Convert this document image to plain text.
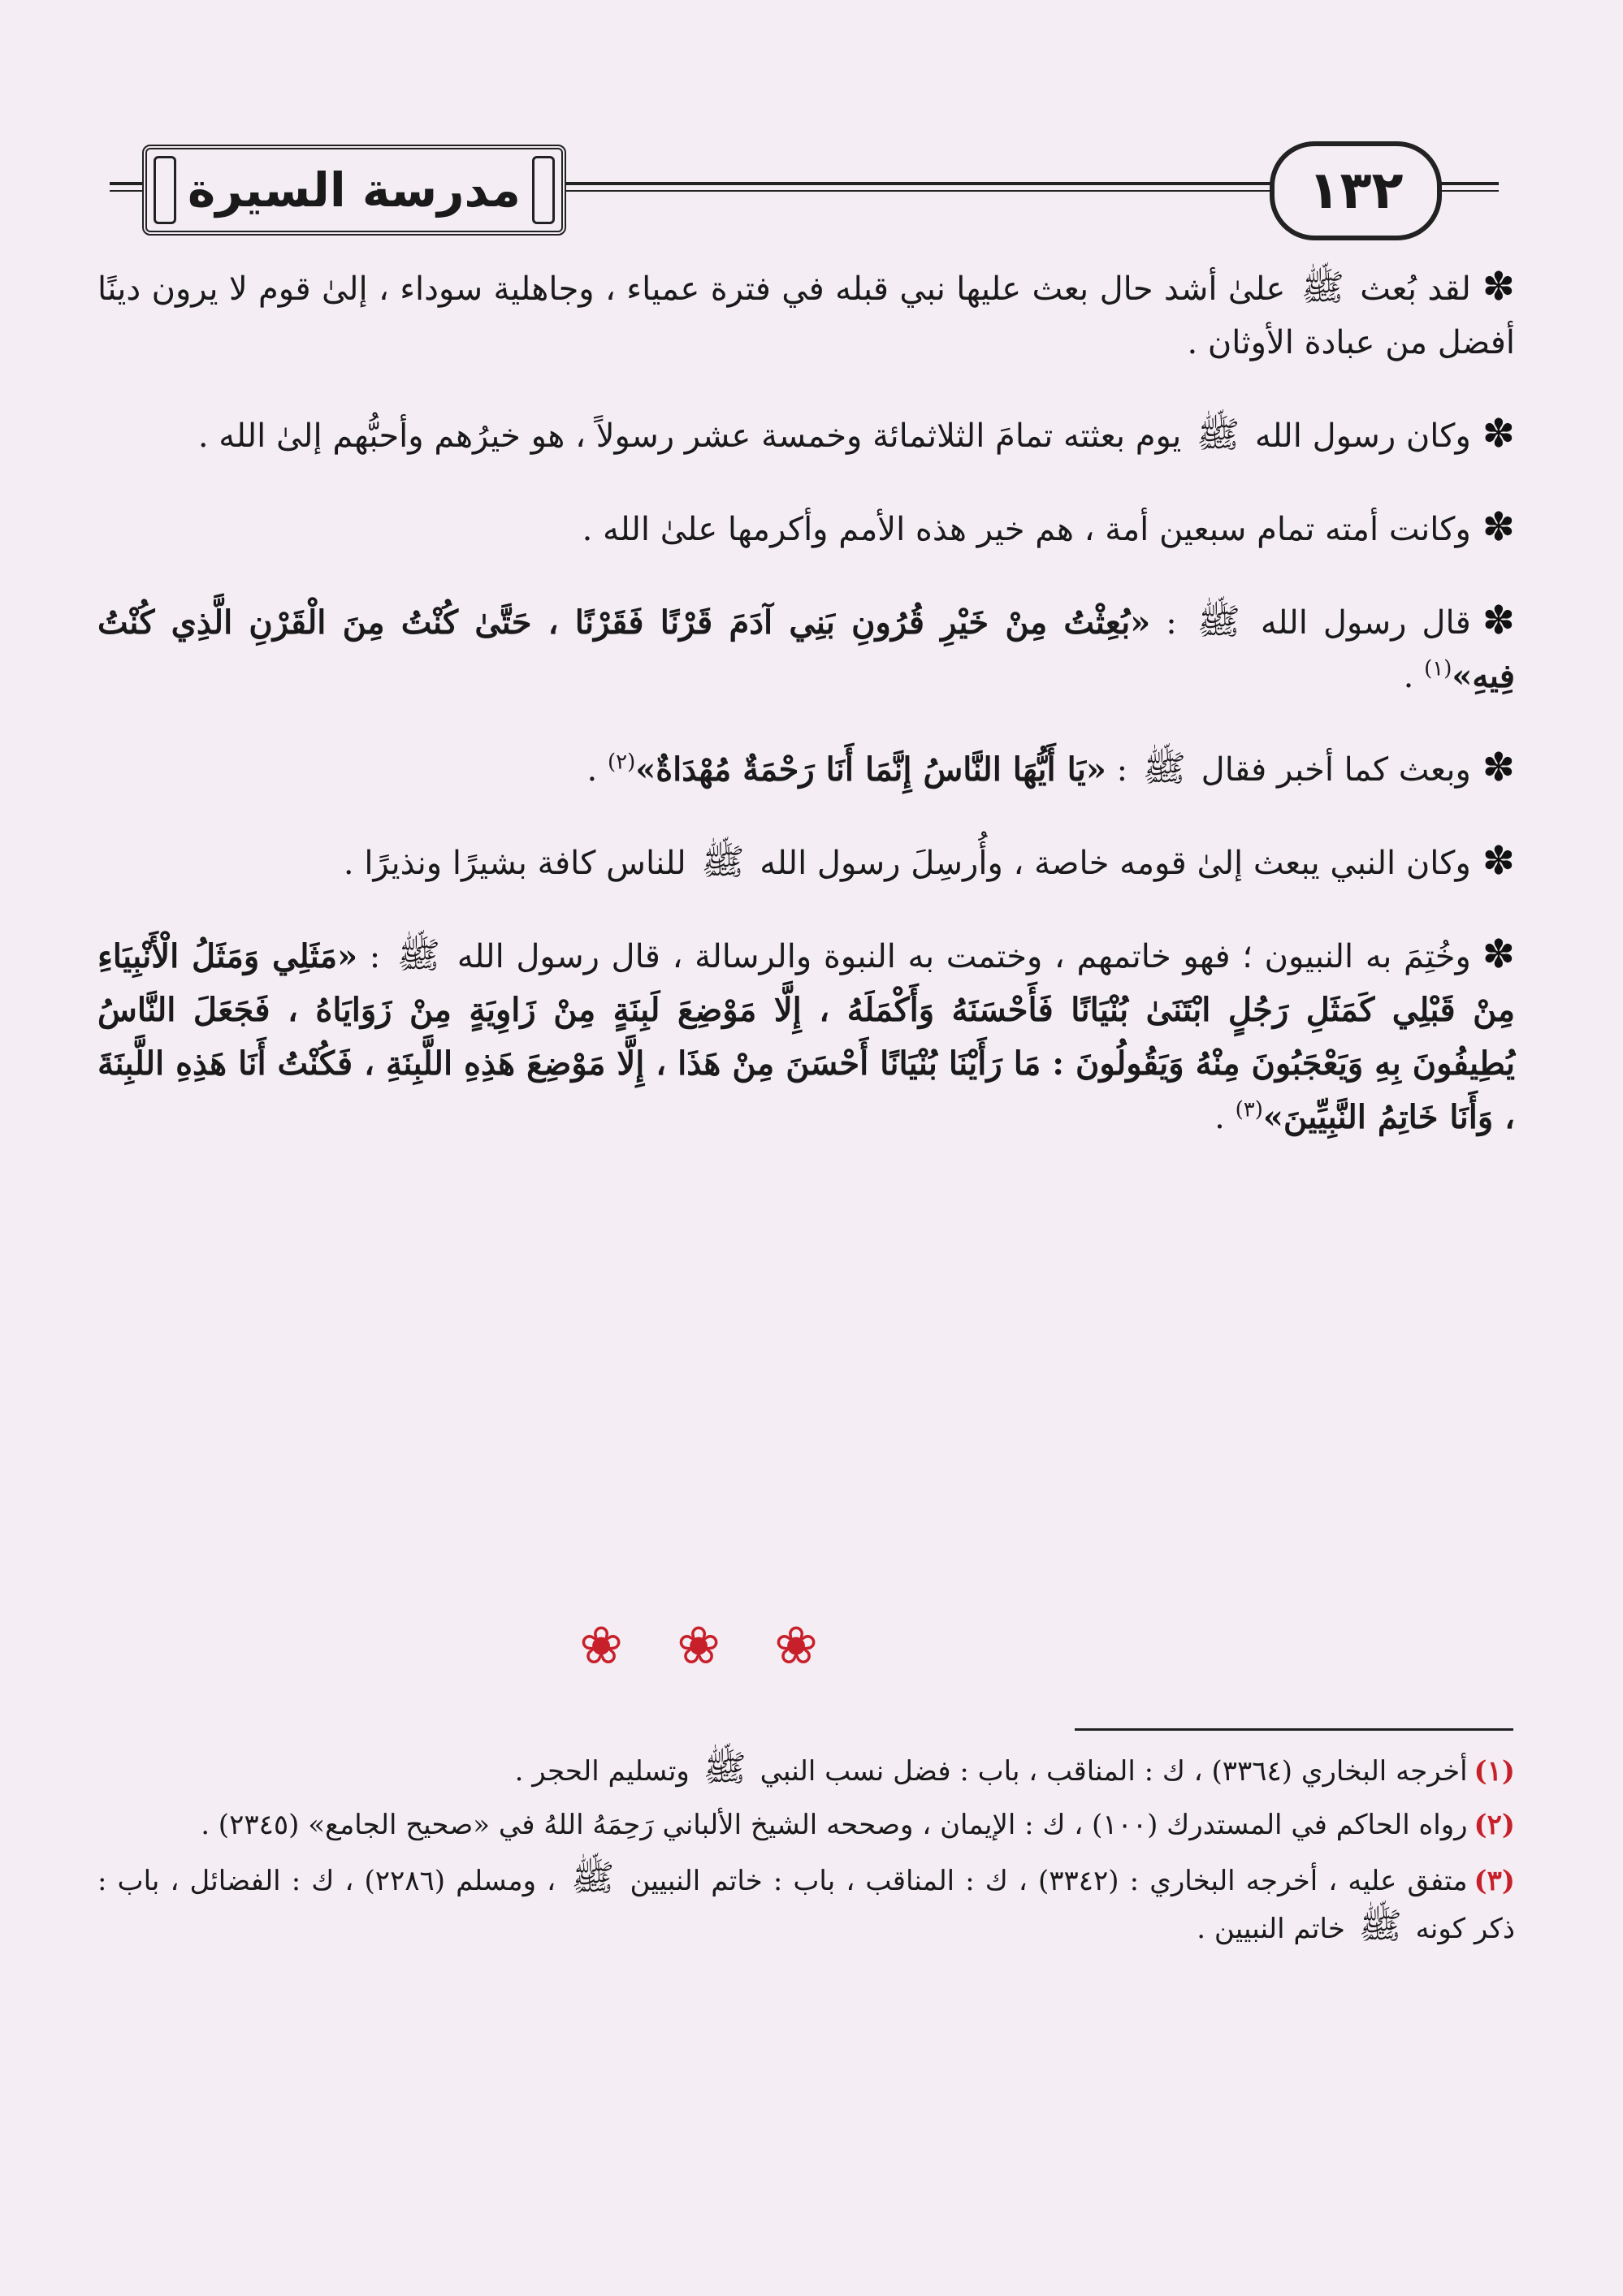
مدرسة السيرة	١٣٢

✽لقد بُعث ﷺ علىٰ أشد حال بعث عليها نبي قبله في فترة عمياء ، وجاهلية سوداء ، إلىٰ قوم لا يرون دينًا أفضل من عبادة الأوثان .

✽وكان رسول الله ﷺ يوم بعثته تمامَ الثلاثمائة وخمسة عشر رسولاً ، هو خيرُهم وأحبُّهم إلىٰ الله .

✽وكانت أمته تمام سبعين أمة ، هم خير هذه الأمم وأكرمها علىٰ الله .

✽قال رسول الله ﷺ : «بُعِثْتُ مِنْ خَيْرِ قُرُونِ بَنِي آدَمَ قَرْنًا فَقَرْنًا ، حَتَّىٰ كُنْتُ مِنَ الْقَرْنِ الَّذِي كُنْتُ فِيهِ»$^{(١)}$ .

✽وبعث كما أخبر فقال ﷺ : «يَا أَيُّهَا النَّاسُ إِنَّمَا أَنَا رَحْمَةٌ مُهْدَاةٌ»$^{(٢)}$ .

✽وكان النبي يبعث إلىٰ قومه خاصة ، وأُرسِلَ رسول الله ﷺ للناس كافة بشيرًا ونذيرًا .

✽وخُتِمَ به النبيون ؛ فهو خاتمهم ، وختمت به النبوة والرسالة ، قال رسول الله ﷺ : «مَثَلِي وَمَثَلُ الْأَنْبِيَاءِ مِنْ قَبْلِي كَمَثَلِ رَجُلٍ ابْتَنَىٰ بُنْيَانًا فَأَحْسَنَهُ وَأَكْمَلَهُ ، إِلَّا مَوْضِعَ لَبِنَةٍ مِنْ زَاوِيَةٍ مِنْ زَوَايَاهُ ، فَجَعَلَ النَّاسُ يُطِيفُونَ بِهِ وَيَعْجَبُونَ مِنْهُ وَيَقُولُونَ : مَا رَأَيْنَا بُنْيَانًا أَحْسَنَ مِنْ هَذَا ، إِلَّا مَوْضِعَ هَذِهِ اللَّبِنَةِ ، فَكُنْتُ أَنَا هَذِهِ اللَّبِنَةَ ، وَأَنَا خَاتِمُ النَّبِيِّينَ»$^{(٣)}$ .

❀ ❀ ❀

(١)أخرجه البخاري (٣٣٦٤) ، ك : المناقب ، باب : فضل نسب النبي ﷺ وتسليم الحجر .

(٢)رواه الحاكم في المستدرك (١٠٠) ، ك : الإيمان ، وصححه الشيخ الألباني رَحِمَهُ اللهُ في «صحيح الجامع» (٢٣٤٥) .

(٣)متفق عليه ، أخرجه البخاري : (٣٣٤٢) ، ك : المناقب ، باب : خاتم النبيين ﷺ ، ومسلم (٢٢٨٦) ، ك : الفضائل ، باب : ذكر كونه ﷺ خاتم النبيين .
